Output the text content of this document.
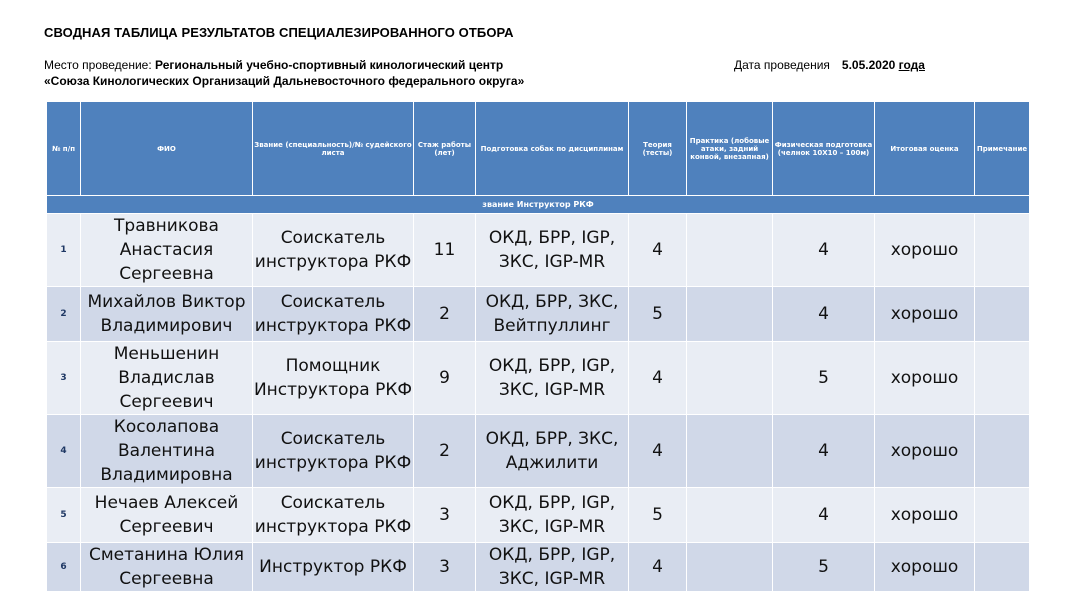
СВОДНАЯ ТАБЛИЦА РЕЗУЛЬТАТОВ СПЕЦИАЛЕЗИРОВАННОГО ОТБОРА
Место проведение: Региональный учебно-спортивный кинологический центр
«Союза Кинологических Организаций Дальневосточного федерального округа»
Дата проведения 5.05.2020 года
№ п/п	ФИО	Звание (специальность)/№ судейского листа	Стаж работы (лет)	Подготовка собак по дисциплинам	Теория (тесты)	Практика (лобовые атаки, задний конвой, внезапная)	Физическая подготовка (челнок 10Х10 – 100м)	Итоговая оценка	Примечание
звание Инструктор РКФ									
1	Травникова Анастасия Сергеевна	Соискатель инструктора РКФ	11	ОКД, БРР, IGP, ЗКС, IGP-MR	4		4	хорошо	
2	Михайлов Виктор Владимирович	Соискатель инструктора РКФ	2	ОКД, БРР, ЗКС, Вейтпуллинг	5		4	хорошо	
3	Меньшенин Владислав Сергеевич	Помощник Инструктора РКФ	9	ОКД, БРР, IGP, ЗКС, IGP-MR	4		5	хорошо	
4	Косолапова Валентина Владимировна	Соискатель инструктора РКФ	2	ОКД, БРР, ЗКС, Аджилити	4		4	хорошо	
5	Нечаев Алексей Сергеевич	Соискатель инструктора РКФ	3	ОКД, БРР, IGP, ЗКС, IGP-MR	5		4	хорошо	
6	Сметанина Юлия Сергеевна	Инструктор РКФ	3	ОКД, БРР, IGP, ЗКС, IGP-MR	4		5	хорошо	
